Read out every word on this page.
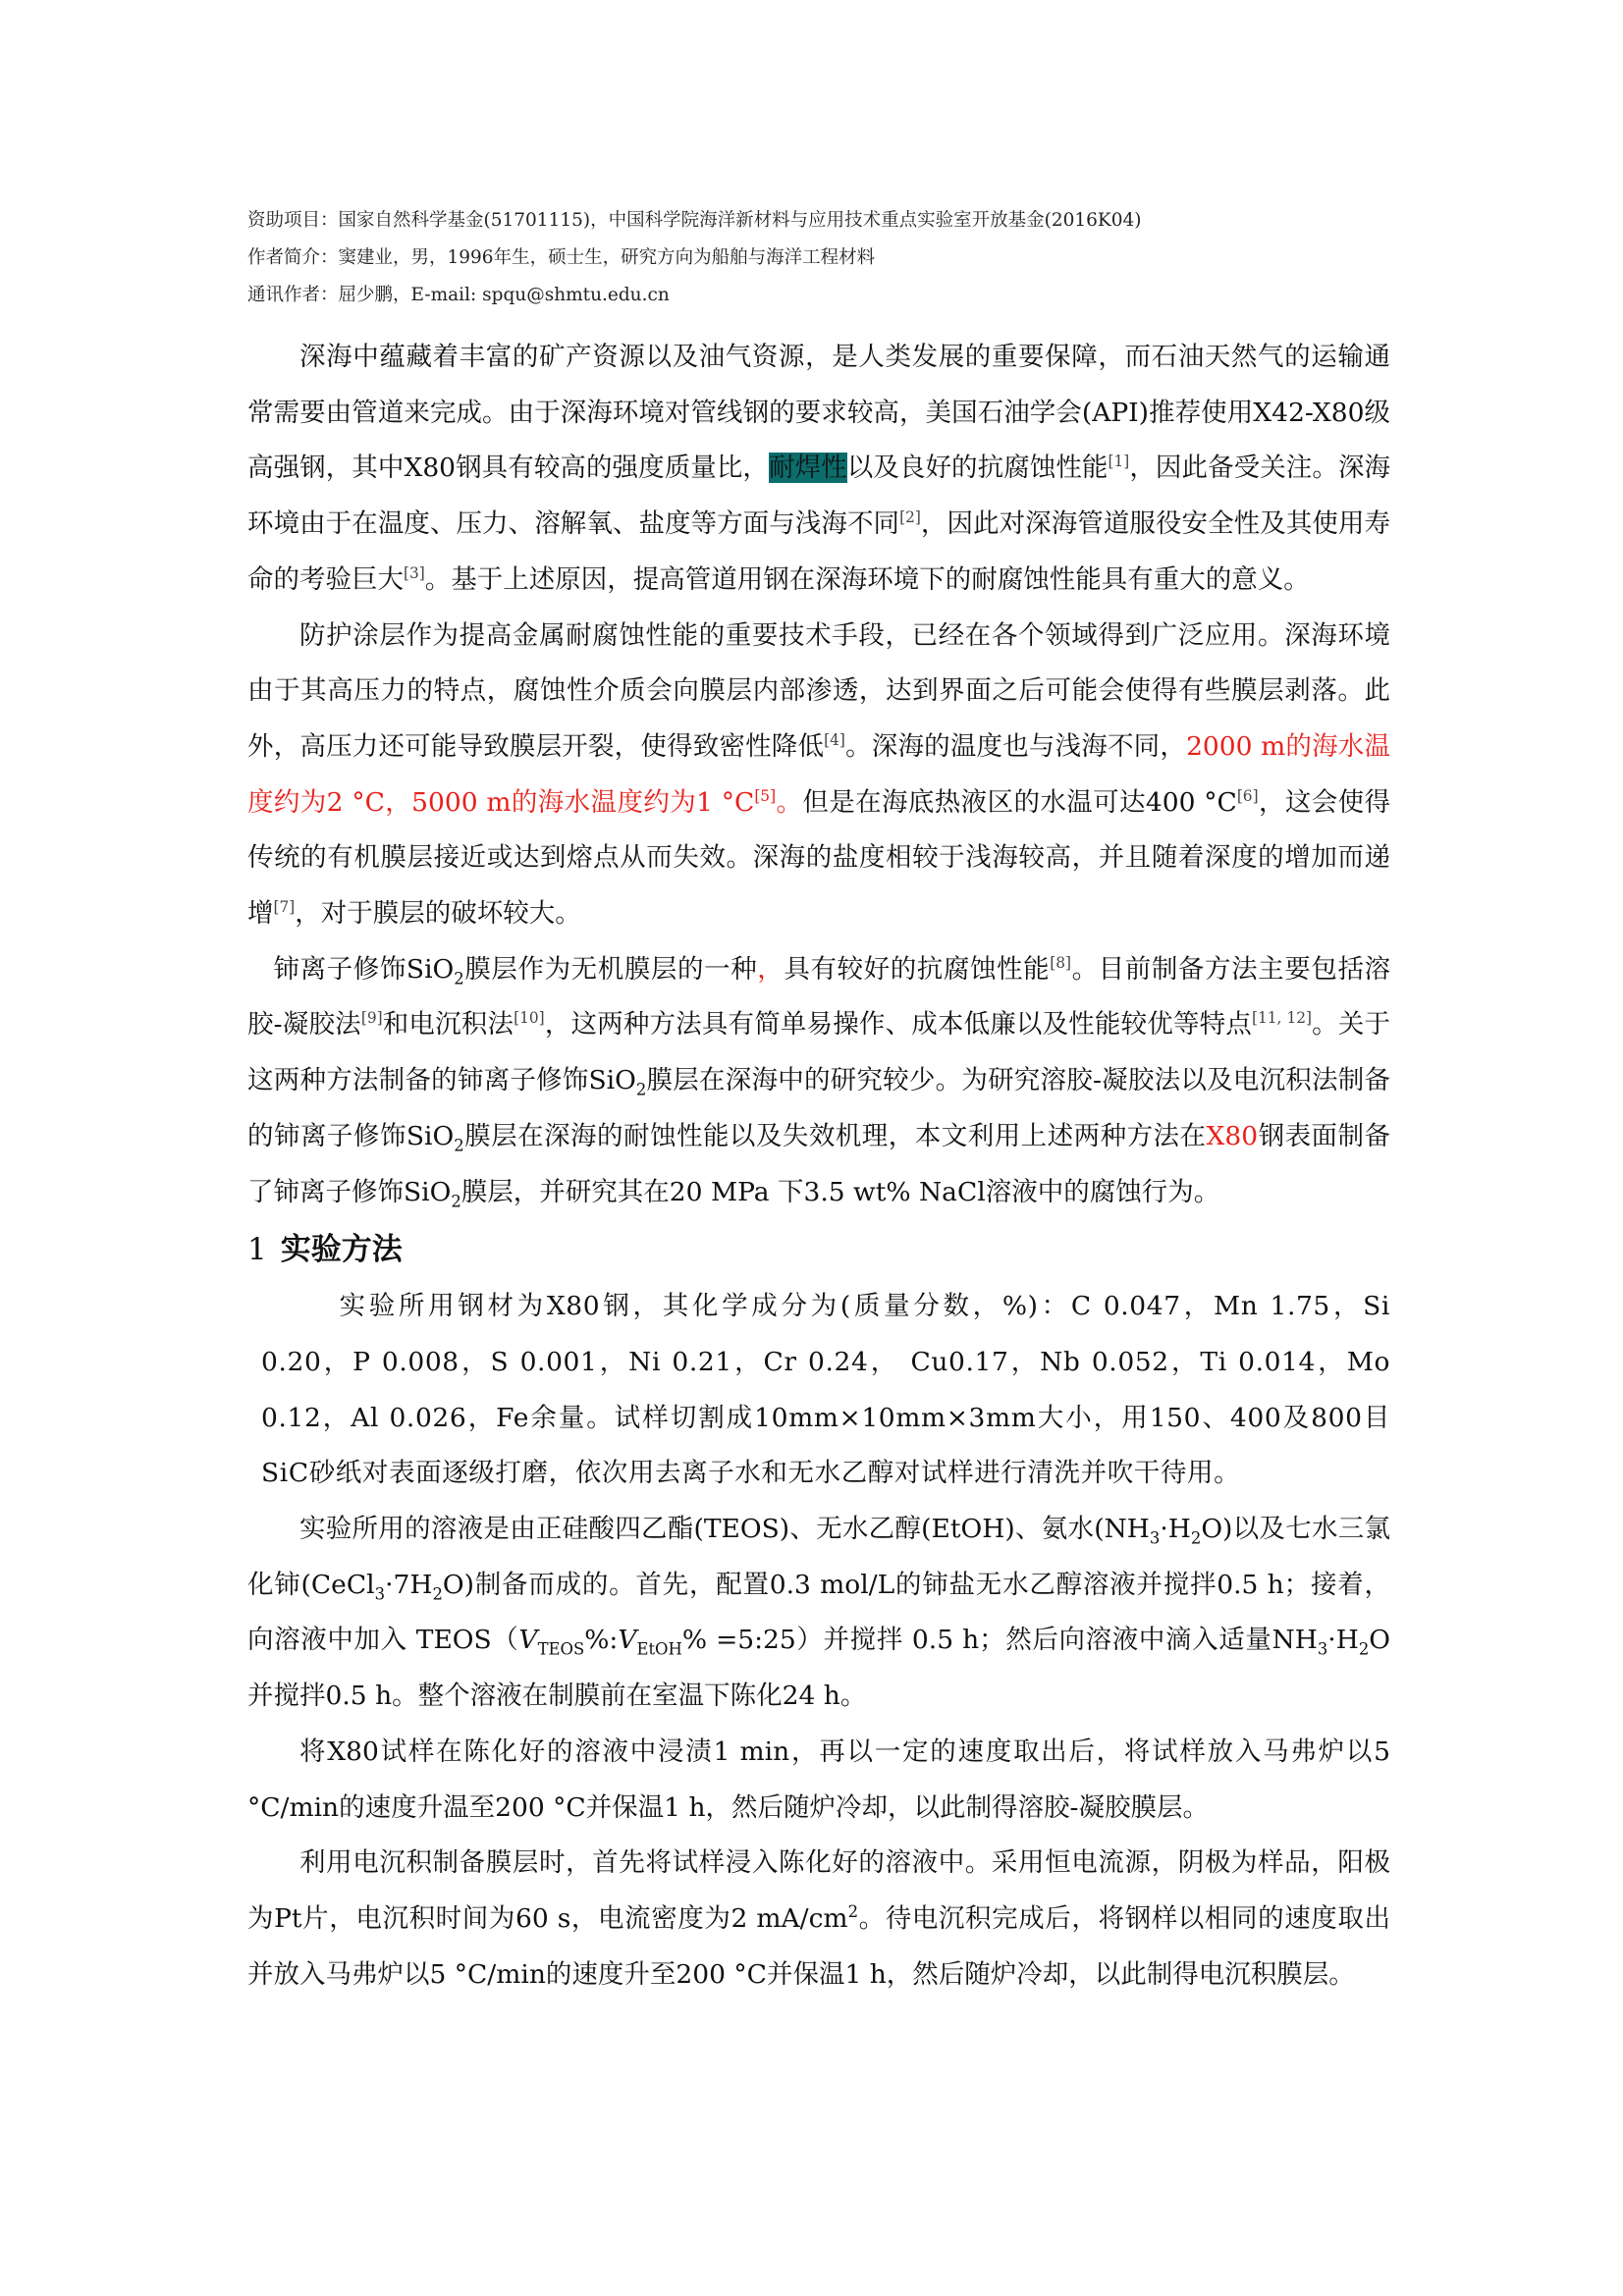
资助项目：国家自然科学基金(51701115)，中国科学院海洋新材料与应用技术重点实验室开放基金(2016K04)
作者简介：窦建业，男，1996年生，硕士生，研究方向为船舶与海洋工程材料
通讯作者：屈少鹏，E-mail: spqu@shmtu.edu.cn

深海中蕴藏着丰富的矿产资源以及油气资源，是人类发展的重要保障，而石油天然气的运输通常需要由管道来完成。由于深海环境对管线钢的要求较高，美国石油学会(API)推荐使用X42-X80级高强钢，其中X80钢具有较高的强度质量比，耐焊性以及良好的抗腐蚀性能[1]，因此备受关注。深海环境由于在温度、压力、溶解氧、盐度等方面与浅海不同[2]，因此对深海管道服役安全性及其使用寿命的考验巨大[3]。基于上述原因，提高管道用钢在深海环境下的耐腐蚀性能具有重大的意义。

防护涂层作为提高金属耐腐蚀性能的重要技术手段，已经在各个领域得到广泛应用。深海环境由于其高压力的特点，腐蚀性介质会向膜层内部渗透，达到界面之后可能会使得有些膜层剥落。此外，高压力还可能导致膜层开裂，使得致密性降低[4]。深海的温度也与浅海不同，2000 m的海水温度约为2 °C，5000 m的海水温度约为1 °C[5]。但是在海底热液区的水温可达400 °C[6]，这会使得传统的有机膜层接近或达到熔点从而失效。深海的盐度相较于浅海较高，并且随着深度的增加而递增[7]，对于膜层的破坏较大。

铈离子修饰SiO$_2$膜层作为无机膜层的一种，具有较好的抗腐蚀性能[8]。目前制备方法主要包括溶胶-凝胶法[9]和电沉积法[10]，这两种方法具有简单易操作、成本低廉以及性能较优等特点[11, 12]。关于这两种方法制备的铈离子修饰SiO$_2$膜层在深海中的研究较少。为研究溶胶-凝胶法以及电沉积法制备的铈离子修饰SiO$_2$膜层在深海的耐蚀性能以及失效机理，本文利用上述两种方法在X80钢表面制备了铈离子修饰SiO$_2$膜层，并研究其在20 MPa 下3.5 wt% NaCl溶液中的腐蚀行为。

1 实验方法

实验所用钢材为X80钢，其化学成分为(质量分数，%)：C 0.047，Mn 1.75，Si 0.20，P 0.008，S 0.001，Ni 0.21，Cr 0.24， Cu0.17，Nb 0.052，Ti 0.014，Mo 0.12，Al 0.026，Fe余量。试样切割成10mm×10mm×3mm大小，用150、400及800目SiC砂纸对表面逐级打磨，依次用去离子水和无水乙醇对试样进行清洗并吹干待用。

实验所用的溶液是由正硅酸四乙酯(TEOS)、无水乙醇(EtOH)、氨水$(NH_3\cdot H_2O)$以及七水三氯化铈$(CeCl_3\cdot 7H_2O)$制备而成的。首先，配置0.3 mol/L的铈盐无水乙醇溶液并搅拌0.5 h；接着，向溶液中加入 $TEOS(V_{TEOS}\%:V_{EtOH}\%$ =5:25）并搅拌 0.5 h；然后向溶液中滴入适量$NH_3\cdot H_2O$并搅拌0.5 h。整个溶液在制膜前在室温下陈化24 h。

将X80试样在陈化好的溶液中浸渍1 min，再以一定的速度取出后，将试样放入马弗炉以5 °C/min的速度升温至200 °C并保温1 h，然后随炉冷却，以此制得溶胶-凝胶膜层。

利用电沉积制备膜层时，首先将试样浸入陈化好的溶液中。采用恒电流源，阴极为样品，阳极为Pt片，电沉积时间为60 s，电流密度为2 $mA/cm^2$。待电沉积完成后，将钢样以相同的速度取出并放入马弗炉以5 °C/min的速度升至200 °C并保温1 h，然后随炉冷却，以此制得电沉积膜层。
